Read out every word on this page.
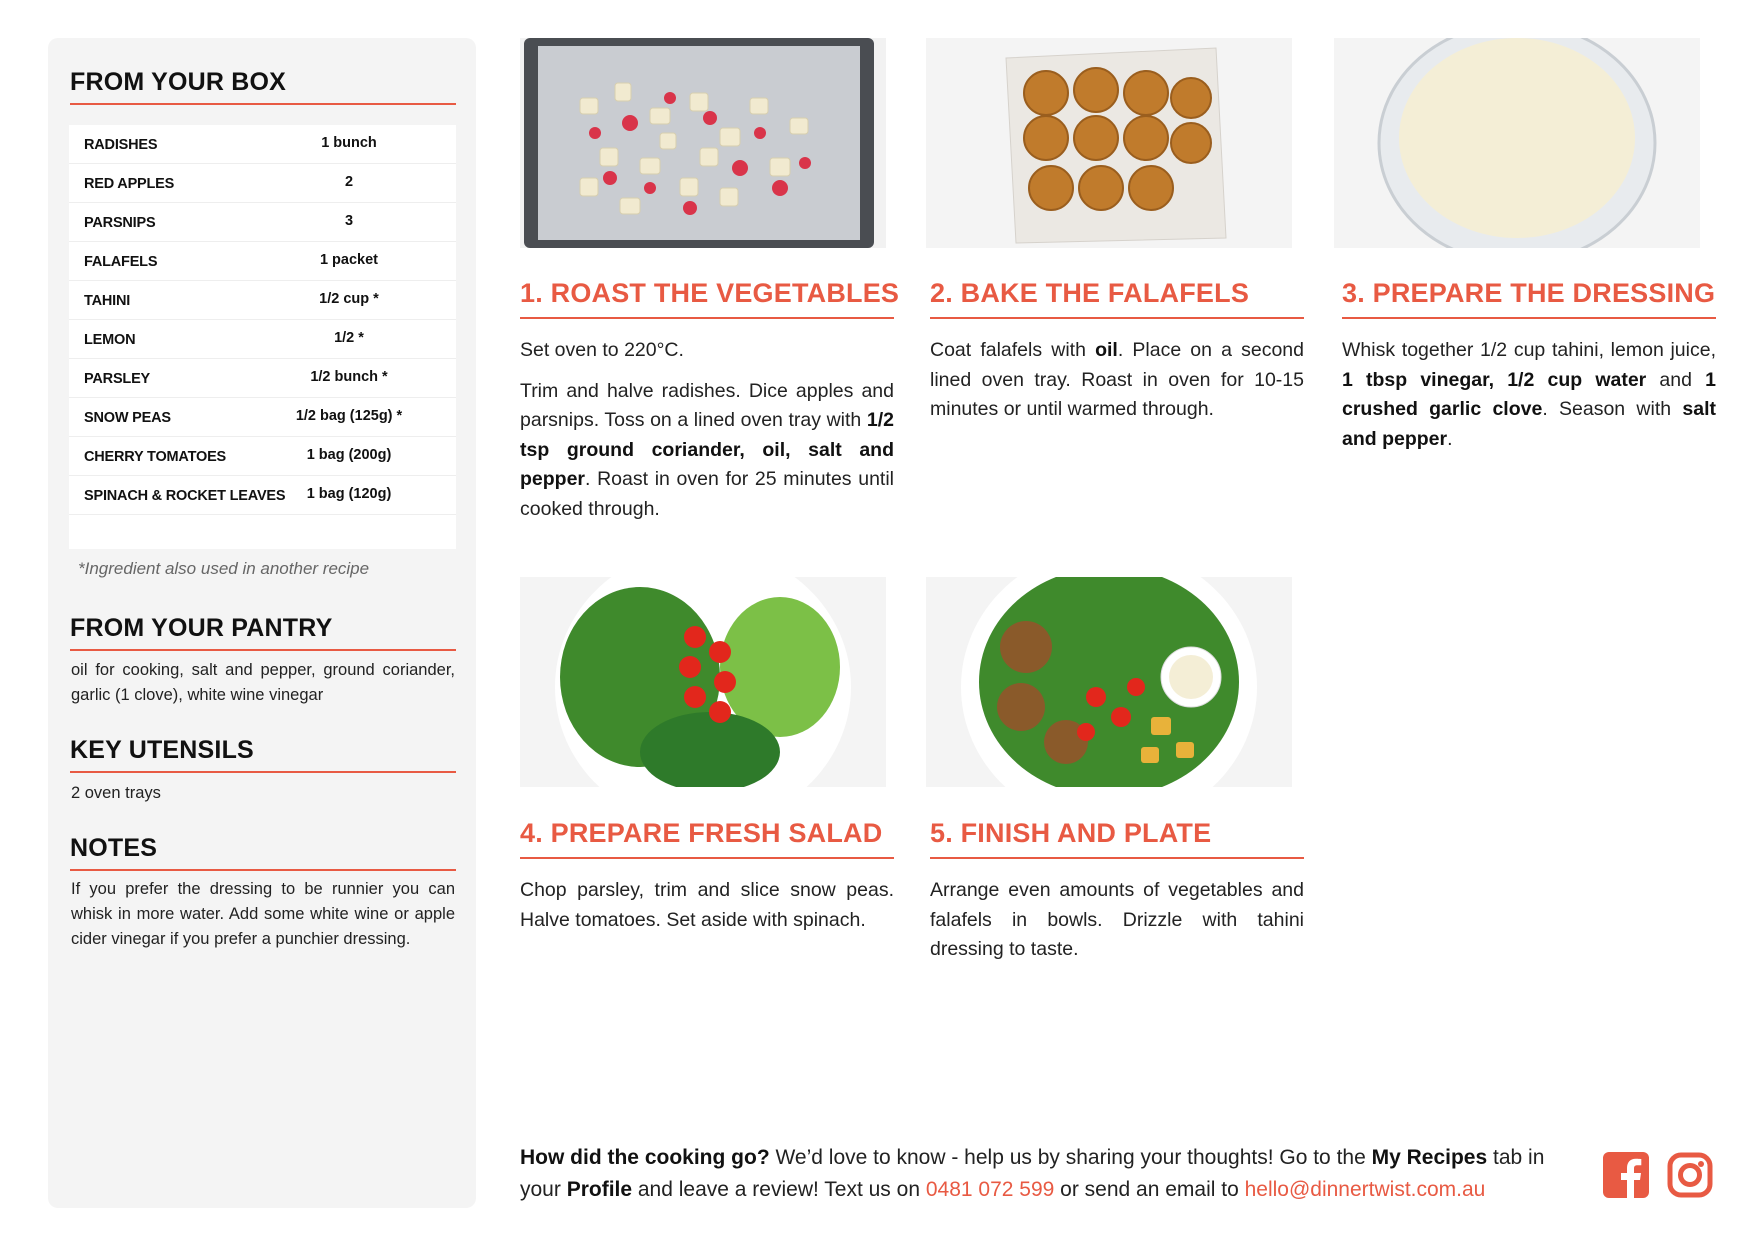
FROM YOUR BOX
RADISHES	1 bunch
RED APPLES	2
PARSNIPS	3
FALAFELS	1 packet
TAHINI	1/2 cup *
LEMON	1/2 *
PARSLEY	1/2 bunch *
SNOW PEAS	1/2 bag (125g) *
CHERRY TOMATOES	1 bag (200g)
SPINACH & ROCKET LEAVES	1 bag (120g)
*Ingredient also used in another recipe
FROM YOUR PANTRY
oil for cooking, salt and pepper, ground coriander, garlic (1 clove), white wine vinegar
KEY UTENSILS
2 oven trays
NOTES
If you prefer the dressing to be runnier you can whisk in more water. Add some white wine or apple cider vinegar if you prefer a punchier dressing.
1. ROAST THE VEGETABLES

Set oven to 220°C.

Trim and halve radishes. Dice apples and parsnips. Toss on a lined oven tray with 1/2 tsp ground coriander, oil, salt and pepper. Roast in oven for 25 minutes until cooked through.

2. BAKE THE FALAFELS

Coat falafels with oil. Place on a second lined oven tray. Roast in oven for 10-15 minutes or until warmed through.

3. PREPARE THE DRESSING

Whisk together 1/2 cup tahini, lemon juice, 1 tbsp vinegar, 1/2 cup water and 1 crushed garlic clove. Season with salt and pepper.

4. PREPARE FRESH SALAD

Chop parsley, trim and slice snow peas. Halve tomatoes. Set aside with spinach.

5. FINISH AND PLATE

Arrange even amounts of vegetables and falafels in bowls. Drizzle with tahini dressing to taste.

How did the cooking go? We’d love to know - help us by sharing your thoughts! Go to the My Recipes tab in your Profile and leave a review! Text us on 0481 072 599 or send an email to hello@dinnertwist.com.au
